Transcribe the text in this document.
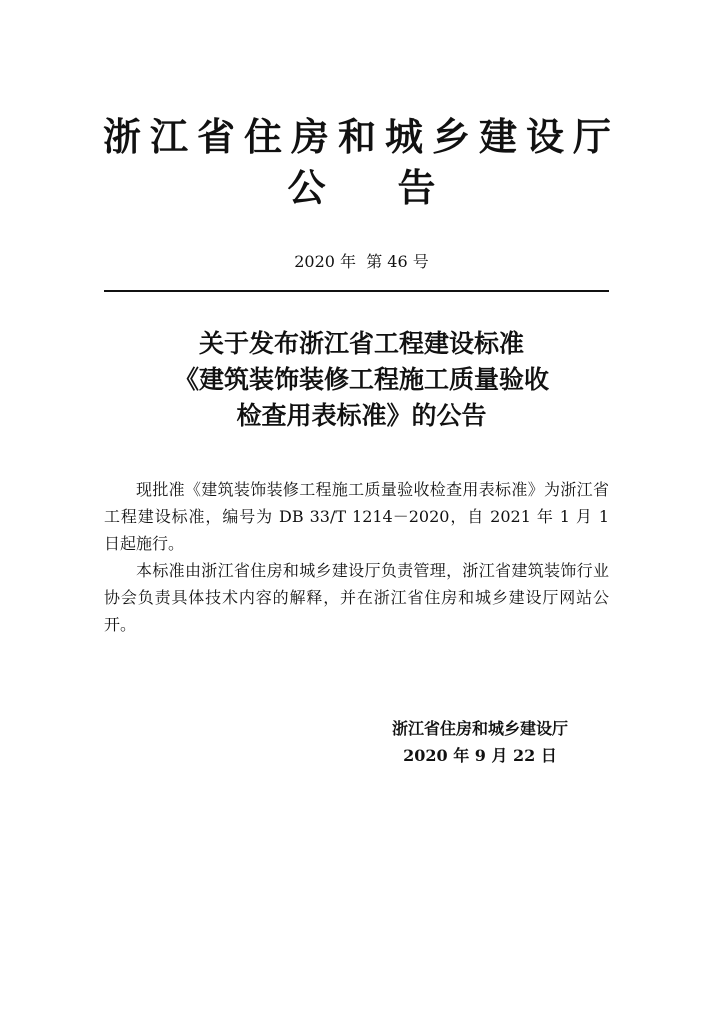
浙江省住房和城乡建设厅
公 告
2020 年  第 46 号
关于发布浙江省工程建设标准
《建筑装饰装修工程施工质量验收
检查用表标准》的公告

现批准《建筑装饰装修工程施工质量验收检查用表标准》为浙江省工程建设标准，编号为 DB 33/T 1214－2020，自 2021 年 1 月 1 日起施行。

本标准由浙江省住房和城乡建设厅负责管理，浙江省建筑装饰行业协会负责具体技术内容的解释，并在浙江省住房和城乡建设厅网站公开。

浙江省住房和城乡建设厅
2020 年 9 月 22 日
